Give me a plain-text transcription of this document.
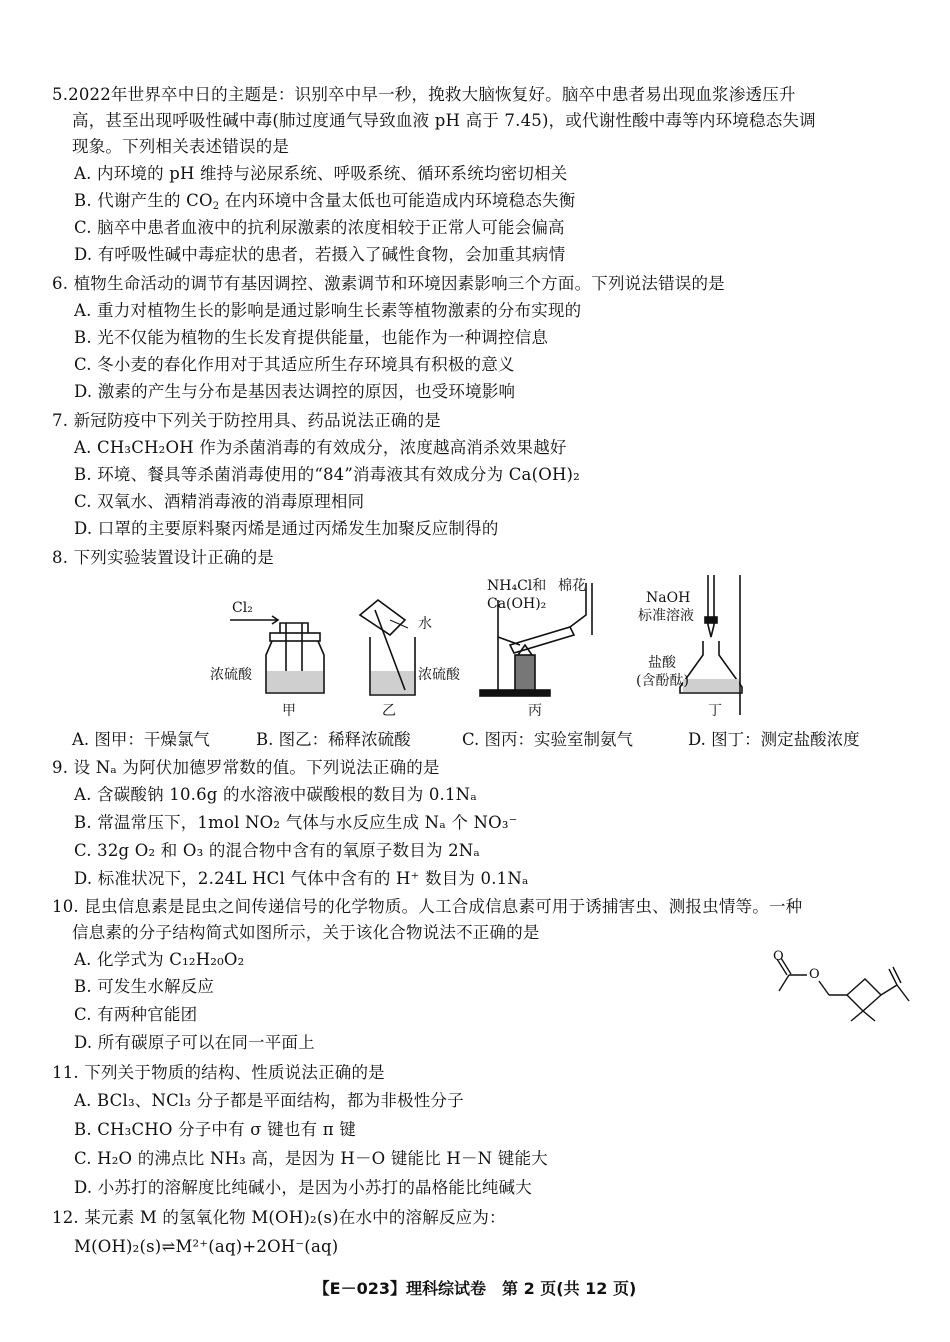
5.2022年世界卒中日的主题是：识别卒中早一秒，挽救大脑恢复好。脑卒中患者易出现血浆渗透压升
高，甚至出现呼吸性碱中毒(肺过度通气导致血液 pH 高于 7.45)，或代谢性酸中毒等内环境稳态失调
现象。下列相关表述错误的是
A. 内环境的 pH 维持与泌尿系统、呼吸系统、循环系统均密切相关
B. 代谢产生的 $CO_2$ 在内环境中含量太低也可能造成内环境稳态失衡
C. 脑卒中患者血液中的抗利尿激素的浓度相较于正常人可能会偏高
D. 有呼吸性碱中毒症状的患者，若摄入了碱性食物，会加重其病情
6. 植物生命活动的调节有基因调控、激素调节和环境因素影响三个方面。下列说法错误的是
A. 重力对植物生长的影响是通过影响生长素等植物激素的分布实现的
B. 光不仅能为植物的生长发育提供能量，也能作为一种调控信息
C. 冬小麦的春化作用对于其适应所生存环境具有积极的意义
D. 激素的产生与分布是基因表达调控的原因，也受环境影响
7. 新冠防疫中下列关于防控用具、药品说法正确的是
A. CH₃CH₂OH 作为杀菌消毒的有效成分，浓度越高消杀效果越好
B. 环境、餐具等杀菌消毒使用的“84”消毒液其有效成分为 Ca(OH)₂
C. 双氧水、酒精消毒液的消毒原理相同
D. 口罩的主要原料聚丙烯是通过丙烯发生加聚反应制得的
8. 下列实验装置设计正确的是
Cl₂
浓硫酸
水
浓硫酸
NH₄Cl和
Ca(OH)₂
棉花
NaOH
标准溶液
盐酸
(含酚酞)
甲	乙	丙	丁
A. 图甲：干燥氯气	B. 图乙：稀释浓硫酸	C. 图丙：实验室制氨气	D. 图丁：测定盐酸浓度
9. 设 Nₐ 为阿伏加德罗常数的值。下列说法正确的是
A. 含碳酸钠 10.6g 的水溶液中碳酸根的数目为 0.1Nₐ
B. 常温常压下，1mol NO₂ 气体与水反应生成 Nₐ 个 NO₃⁻
C. 32g O₂ 和 O₃ 的混合物中含有的氧原子数目为 2Nₐ
D. 标准状况下，2.24L HCl 气体中含有的 H⁺ 数目为 0.1Nₐ
10. 昆虫信息素是昆虫之间传递信号的化学物质。人工合成信息素可用于诱捕害虫、测报虫情等。一种
信息素的分子结构简式如图所示，关于该化合物说法不正确的是
A. 化学式为 C₁₂H₂₀O₂
B. 可发生水解反应
C. 有两种官能团
D. 所有碳原子可以在同一平面上
O
O
11. 下列关于物质的结构、性质说法正确的是
A. BCl₃、NCl₃ 分子都是平面结构，都为非极性分子
B. CH₃CHO 分子中有 σ 键也有 π 键
C. H₂O 的沸点比 NH₃ 高，是因为 H－O 键能比 H－N 键能大
D. 小苏打的溶解度比纯碱小，是因为小苏打的晶格能比纯碱大
12. 某元素 M 的氢氧化物 M(OH)₂(s)在水中的溶解反应为：
M(OH)₂(s)⇌M²⁺(aq)+2OH⁻(aq)
【E－023】理科综试卷　第 2 页(共 12 页)
